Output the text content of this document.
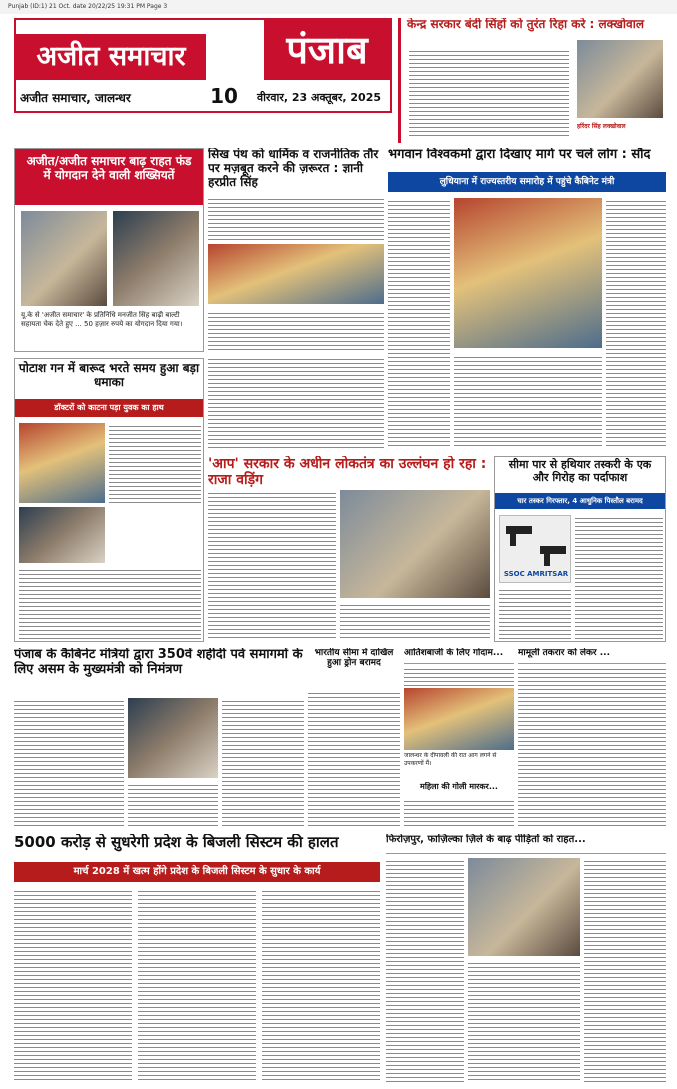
Punjab (ID:1) 21 Oct. date 20/22/25 19:31 PM Page 3
अजीत समाचार	पंजाब
अजीत समाचार, जालन्धर	10	वीरवार, 23 अक्तूबर, 2025
केन्द्र सरकार बंदी सिंहों को तुरंत रिहा करे : लक्खोवाल
हरिंदर सिंह लक्खोवाल
अजीत/अजीत समाचार बाढ़ राहत फंड में योगदान देने वाली शख्सियतें
यू.के से 'अजीत समाचार' के प्रतिनिधि मनजीत सिंह बाढ़ी बाल्टी सहायता चेक देते हुए ... 50 हज़ार रुपये का योगदान दिया गया।
सिख पंथ को धार्मिक व राजनीतिक तौर पर मज़बूत करने की ज़रूरत : ज्ञानी हरप्रीत सिंह
भगवान विश्वकर्मा द्वारा दिखाए मार्ग पर चलें लोग : सौंद
लुधियाना में राज्यस्तरीय समारोह में पहुंचे कैबिनेट मंत्री
पोटाश गन में बारूद भरते समय हुआ बड़ा धमाका
डॉक्टरों को काटना पड़ा युवक का हाथ
'आप' सरकार के अधीन लोकतंत्र का उल्लंघन हो रहा : राजा वड़िंग
सीमा पार से हथियार तस्करी के एक और गिरोह का पर्दाफाश
चार तस्कर गिरफ्तार, 4 आधुनिक पिस्तौल बरामद
SSOC AMRITSAR
पंजाब के कैबिनेट मंत्रियों द्वारा 350वें शहीदी पर्व समागमों के लिए असम के मुख्यमंत्री को निमंत्रण
भारतीय सीमा में दाखिल हुआ ड्रोन बरामद
आतिशबाजी के लिए गोदाम...
जालन्धर के दीपावली की रात आग लगने से उपकरणों मैं।
मामूली तकरार को लेकर ...
महिला की गोली मारकर...
5000 करोड़ से सुधरेगी प्रदेश के बिजली सिस्टम की हालत
मार्च 2028 में खत्म होंगे प्रदेश के बिजली सिस्टम के सुधार के कार्य
फिरोज़पुर, फाज़िल्का ज़िले के बाढ़ पीड़ितों को राहत...
